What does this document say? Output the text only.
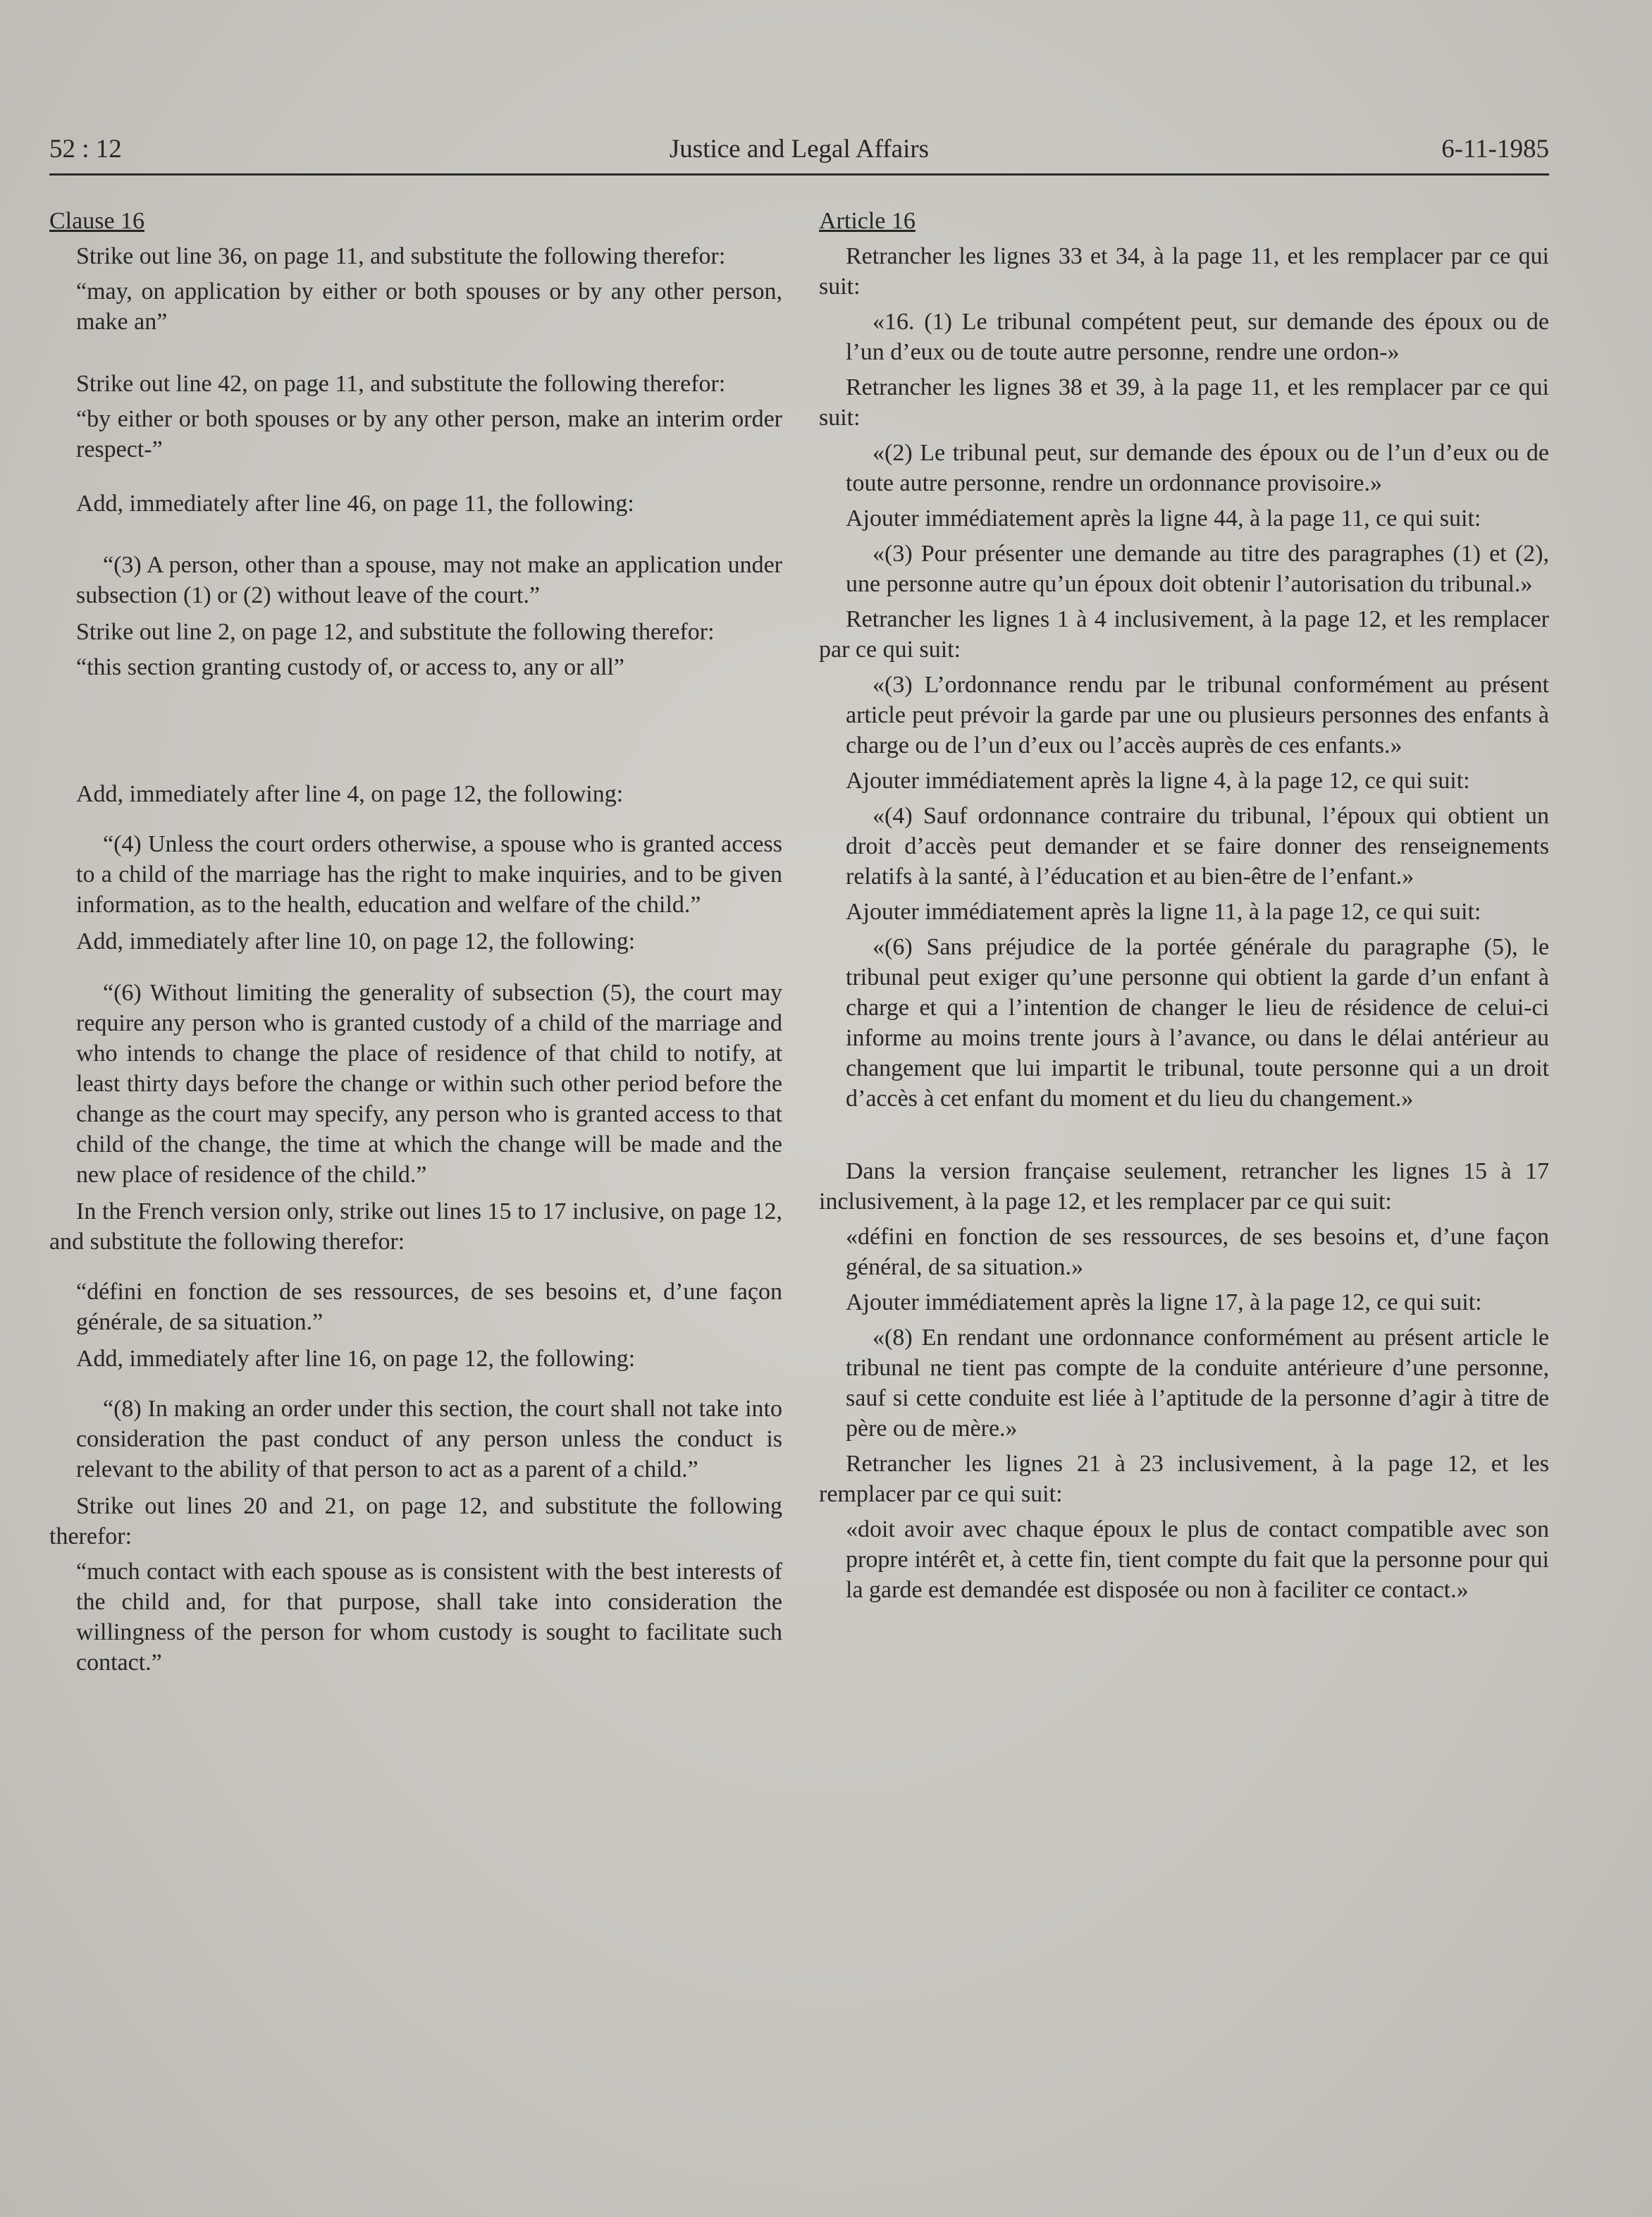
52 : 12	Justice and Legal Affairs	6-11-1985

Clause 16

Strike out line 36, on page 11, and substitute the following therefor:

“may, on application by either or both spouses or by any other person, make an”

Strike out line 42, on page 11, and substitute the following therefor:

“by either or both spouses or by any other person, make an interim order respect-”

Add, immediately after line 46, on page 11, the following:

“(3) A person, other than a spouse, may not make an application under subsection (1) or (2) without leave of the court.”

Strike out line 2, on page 12, and substitute the following therefor:

“this section granting custody of, or access to, any or all”

Add, immediately after line 4, on page 12, the following:

“(4) Unless the court orders otherwise, a spouse who is granted access to a child of the marriage has the right to make inquiries, and to be given information, as to the health, education and welfare of the child.”

Add, immediately after line 10, on page 12, the following:

“(6) Without limiting the generality of subsection (5), the court may require any person who is granted custody of a child of the marriage and who intends to change the place of residence of that child to notify, at least thirty days before the change or within such other period before the change as the court may specify, any person who is granted access to that child of the change, the time at which the change will be made and the new place of residence of the child.”

In the French version only, strike out lines 15 to 17 inclusive, on page 12, and substitute the following therefor:

“défini en fonction de ses ressources, de ses besoins et, d’une façon générale, de sa situation.”

Add, immediately after line 16, on page 12, the following:

“(8) In making an order under this section, the court shall not take into consideration the past conduct of any person unless the conduct is relevant to the ability of that person to act as a parent of a child.”

Strike out lines 20 and 21, on page 12, and substitute the following therefor:

“much contact with each spouse as is consistent with the best interests of the child and, for that purpose, shall take into consideration the willingness of the person for whom custody is sought to facilitate such contact.”

Article 16

Retrancher les lignes 33 et 34, à la page 11, et les remplacer par ce qui suit:

«16. (1) Le tribunal compétent peut, sur demande des époux ou de l’un d’eux ou de toute autre personne, rendre une ordon-»

Retrancher les lignes 38 et 39, à la page 11, et les remplacer par ce qui suit:

«(2) Le tribunal peut, sur demande des époux ou de l’un d’eux ou de toute autre personne, rendre un ordonnance provisoire.»

Ajouter immédiatement après la ligne 44, à la page 11, ce qui suit:

«(3) Pour présenter une demande au titre des paragraphes (1) et (2), une personne autre qu’un époux doit obtenir l’autorisation du tribunal.»

Retrancher les lignes 1 à 4 inclusivement, à la page 12, et les remplacer par ce qui suit:

«(3) L’ordonnance rendu par le tribunal conformément au présent article peut prévoir la garde par une ou plusieurs personnes des enfants à charge ou de l’un d’eux ou l’accès auprès de ces enfants.»

Ajouter immédiatement après la ligne 4, à la page 12, ce qui suit:

«(4) Sauf ordonnance contraire du tribunal, l’époux qui obtient un droit d’accès peut demander et se faire donner des renseignements relatifs à la santé, à l’éducation et au bien-être de l’enfant.»

Ajouter immédiatement après la ligne 11, à la page 12, ce qui suit:

«(6) Sans préjudice de la portée générale du paragraphe (5), le tribunal peut exiger qu’une personne qui obtient la garde d’un enfant à charge et qui a l’intention de changer le lieu de résidence de celui-ci informe au moins trente jours à l’avance, ou dans le délai antérieur au changement que lui impartit le tribunal, toute personne qui a un droit d’accès à cet enfant du moment et du lieu du changement.»

Dans la version française seulement, retrancher les lignes 15 à 17 inclusivement, à la page 12, et les remplacer par ce qui suit:

«défini en fonction de ses ressources, de ses besoins et, d’une façon général, de sa situation.»

Ajouter immédiatement après la ligne 17, à la page 12, ce qui suit:

«(8) En rendant une ordonnance conformément au présent article le tribunal ne tient pas compte de la conduite antérieure d’une personne, sauf si cette conduite est liée à l’aptitude de la personne d’agir à titre de père ou de mère.»

Retrancher les lignes 21 à 23 inclusivement, à la page 12, et les remplacer par ce qui suit:

«doit avoir avec chaque époux le plus de contact compatible avec son propre intérêt et, à cette fin, tient compte du fait que la personne pour qui la garde est demandée est disposée ou non à faciliter ce contact.»
